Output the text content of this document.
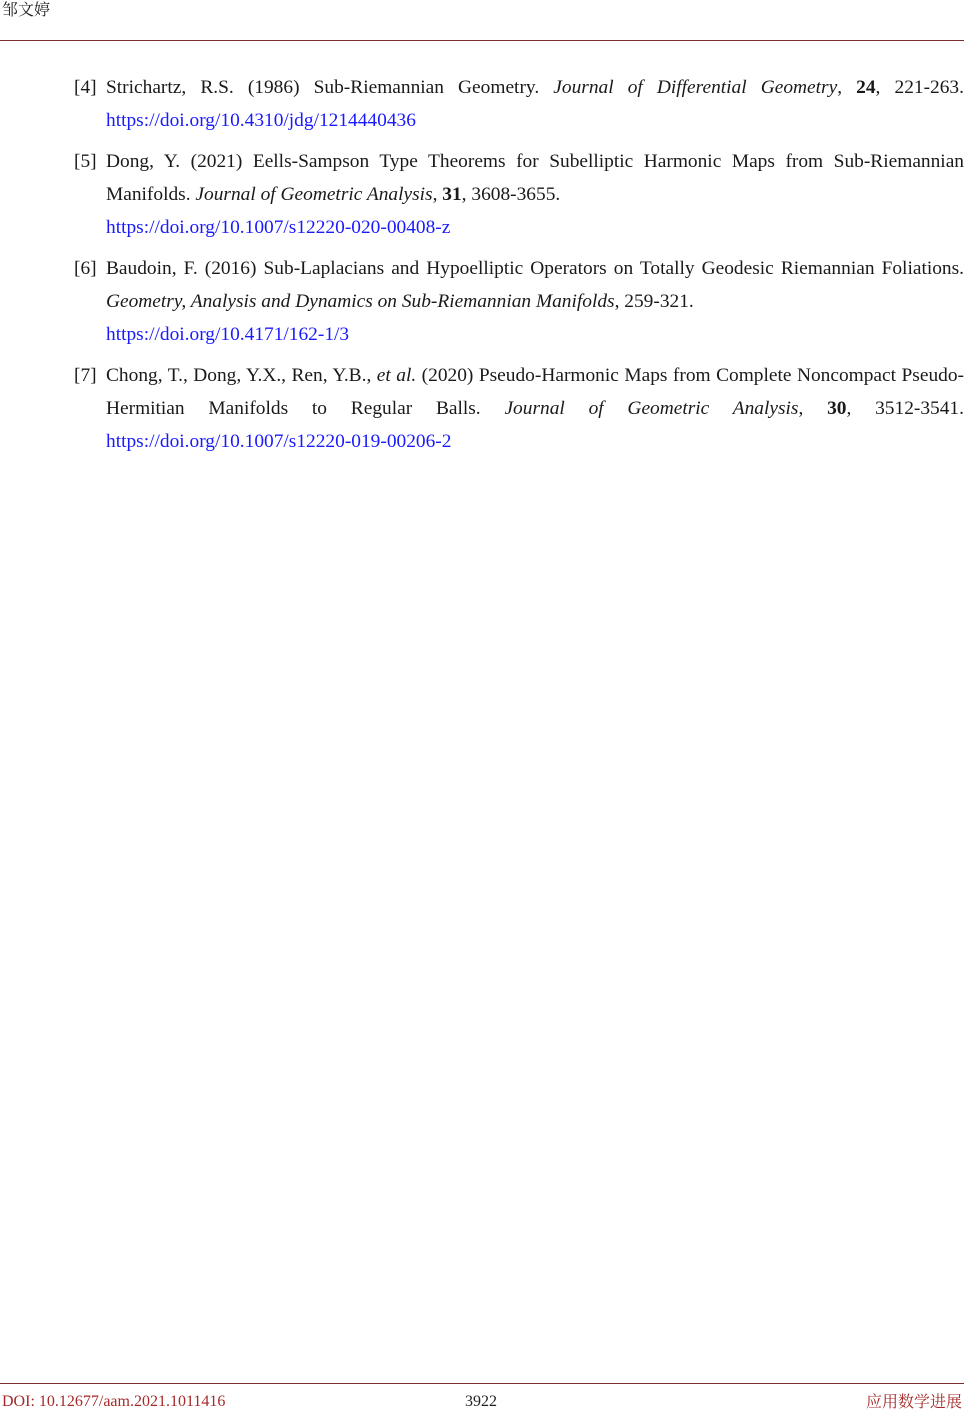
邹文婷
[4] Strichartz, R.S. (1986) Sub-Riemannian Geometry. Journal of Differential Geometry, 24, 221-263. https://doi.org/10.4310/jdg/1214440436
[5] Dong, Y. (2021) Eells-Sampson Type Theorems for Subelliptic Harmonic Maps from Sub-Riemannian Manifolds. Journal of Geometric Analysis, 31, 3608-3655.
https://doi.org/10.1007/s12220-020-00408-z
[6] Baudoin, F. (2016) Sub-Laplacians and Hypoelliptic Operators on Totally Geodesic Riemannian Foliations. Geometry, Analysis and Dynamics on Sub-Riemannian Manifolds, 259-321.
https://doi.org/10.4171/162-1/3
[7] Chong, T., Dong, Y.X., Ren, Y.B., et al. (2020) Pseudo-Harmonic Maps from Complete Noncompact Pseudo-Hermitian Manifolds to Regular Balls. Journal of Geometric Analysis, 30, 3512-3541. https://doi.org/10.1007/s12220-019-00206-2
DOI: 10.12677/aam.2021.1011416	3922	应用数学进展
